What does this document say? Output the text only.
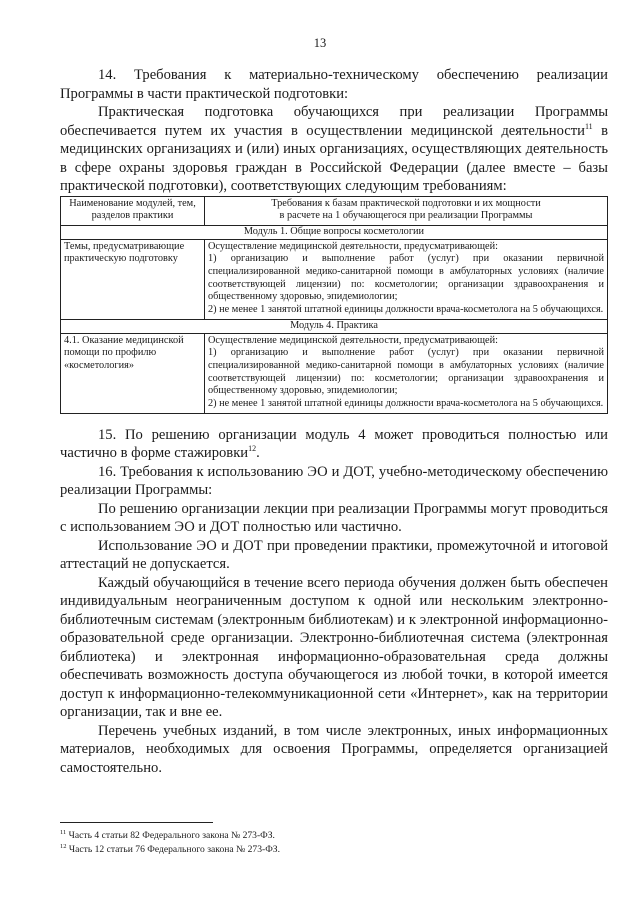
13

14. Требования к материально-техническому обеспечению реализации Программы в части практической подготовки:

Практическая подготовка обучающихся при реализации Программы обеспечивается путем их участия в осуществлении медицинской деятельности$^{11}$ в медицинских организациях и (или) иных организациях, осуществляющих деятельность в сфере охраны здоровья граждан в Российской Федерации (далее вместе – базы практической подготовки), соответствующих следующим требованиям:

Наименование модулей, тем, разделов практики	Требования к базам практической подготовки и их мощности
в расчете на 1 обучающегося при реализации Программы

Модуль 1. Общие вопросы косметологии	
Темы, предусматривающие практическую подготовку	Осуществление медицинской деятельности, предусматривающей:
1) организацию и выполнение работ (услуг) при оказании первичной специализированной медико-санитарной помощи в амбулаторных условиях (наличие соответствующей лицензии) по: косметологии; организации здравоохранения и общественному здоровью, эпидемиологии;
2) не менее 1 занятой штатной единицы должности врача-косметолога на 5 обучающихся.

Модуль 4. Практика	
4.1. Оказание медицинской помощи по профилю «косметология»	Осуществление медицинской деятельности, предусматривающей:
1) организацию и выполнение работ (услуг) при оказании первичной специализированной медико-санитарной помощи в амбулаторных условиях (наличие соответствующей лицензии) по: косметологии; организации здравоохранения и общественному здоровью, эпидемиологии;
2) не менее 1 занятой штатной единицы должности врача-косметолога на 5 обучающихся.

15. По решению организации модуль 4 может проводиться полностью или частично в форме стажировки$^{12}$.

16. Требования к использованию ЭО и ДОТ, учебно-методическому обеспечению реализации Программы:

По решению организации лекции при реализации Программы могут проводиться с использованием ЭО и ДОТ полностью или частично.

Использование ЭО и ДОТ при проведении практики, промежуточной и итоговой аттестаций не допускается.

Каждый обучающийся в течение всего периода обучения должен быть обеспечен индивидуальным неограниченным доступом к одной или нескольким электронно-библиотечным системам (электронным библиотекам) и к электронной информационно-образовательной среде организации. Электронно-библиотечная система (электронная библиотека) и электронная информационно-образовательная среда должны обеспечивать возможность доступа обучающегося из любой точки, в которой имеется доступ к информационно-телекоммуникационной сети «Интернет», как на территории организации, так и вне ее.

Перечень учебных изданий, в том числе электронных, иных информационных материалов, необходимых для освоения Программы, определяется организацией самостоятельно.

$^{11}$ Часть 4 статьи 82 Федерального закона № 273-ФЗ.

$^{12}$ Часть 12 статьи 76 Федерального закона № 273-ФЗ.
